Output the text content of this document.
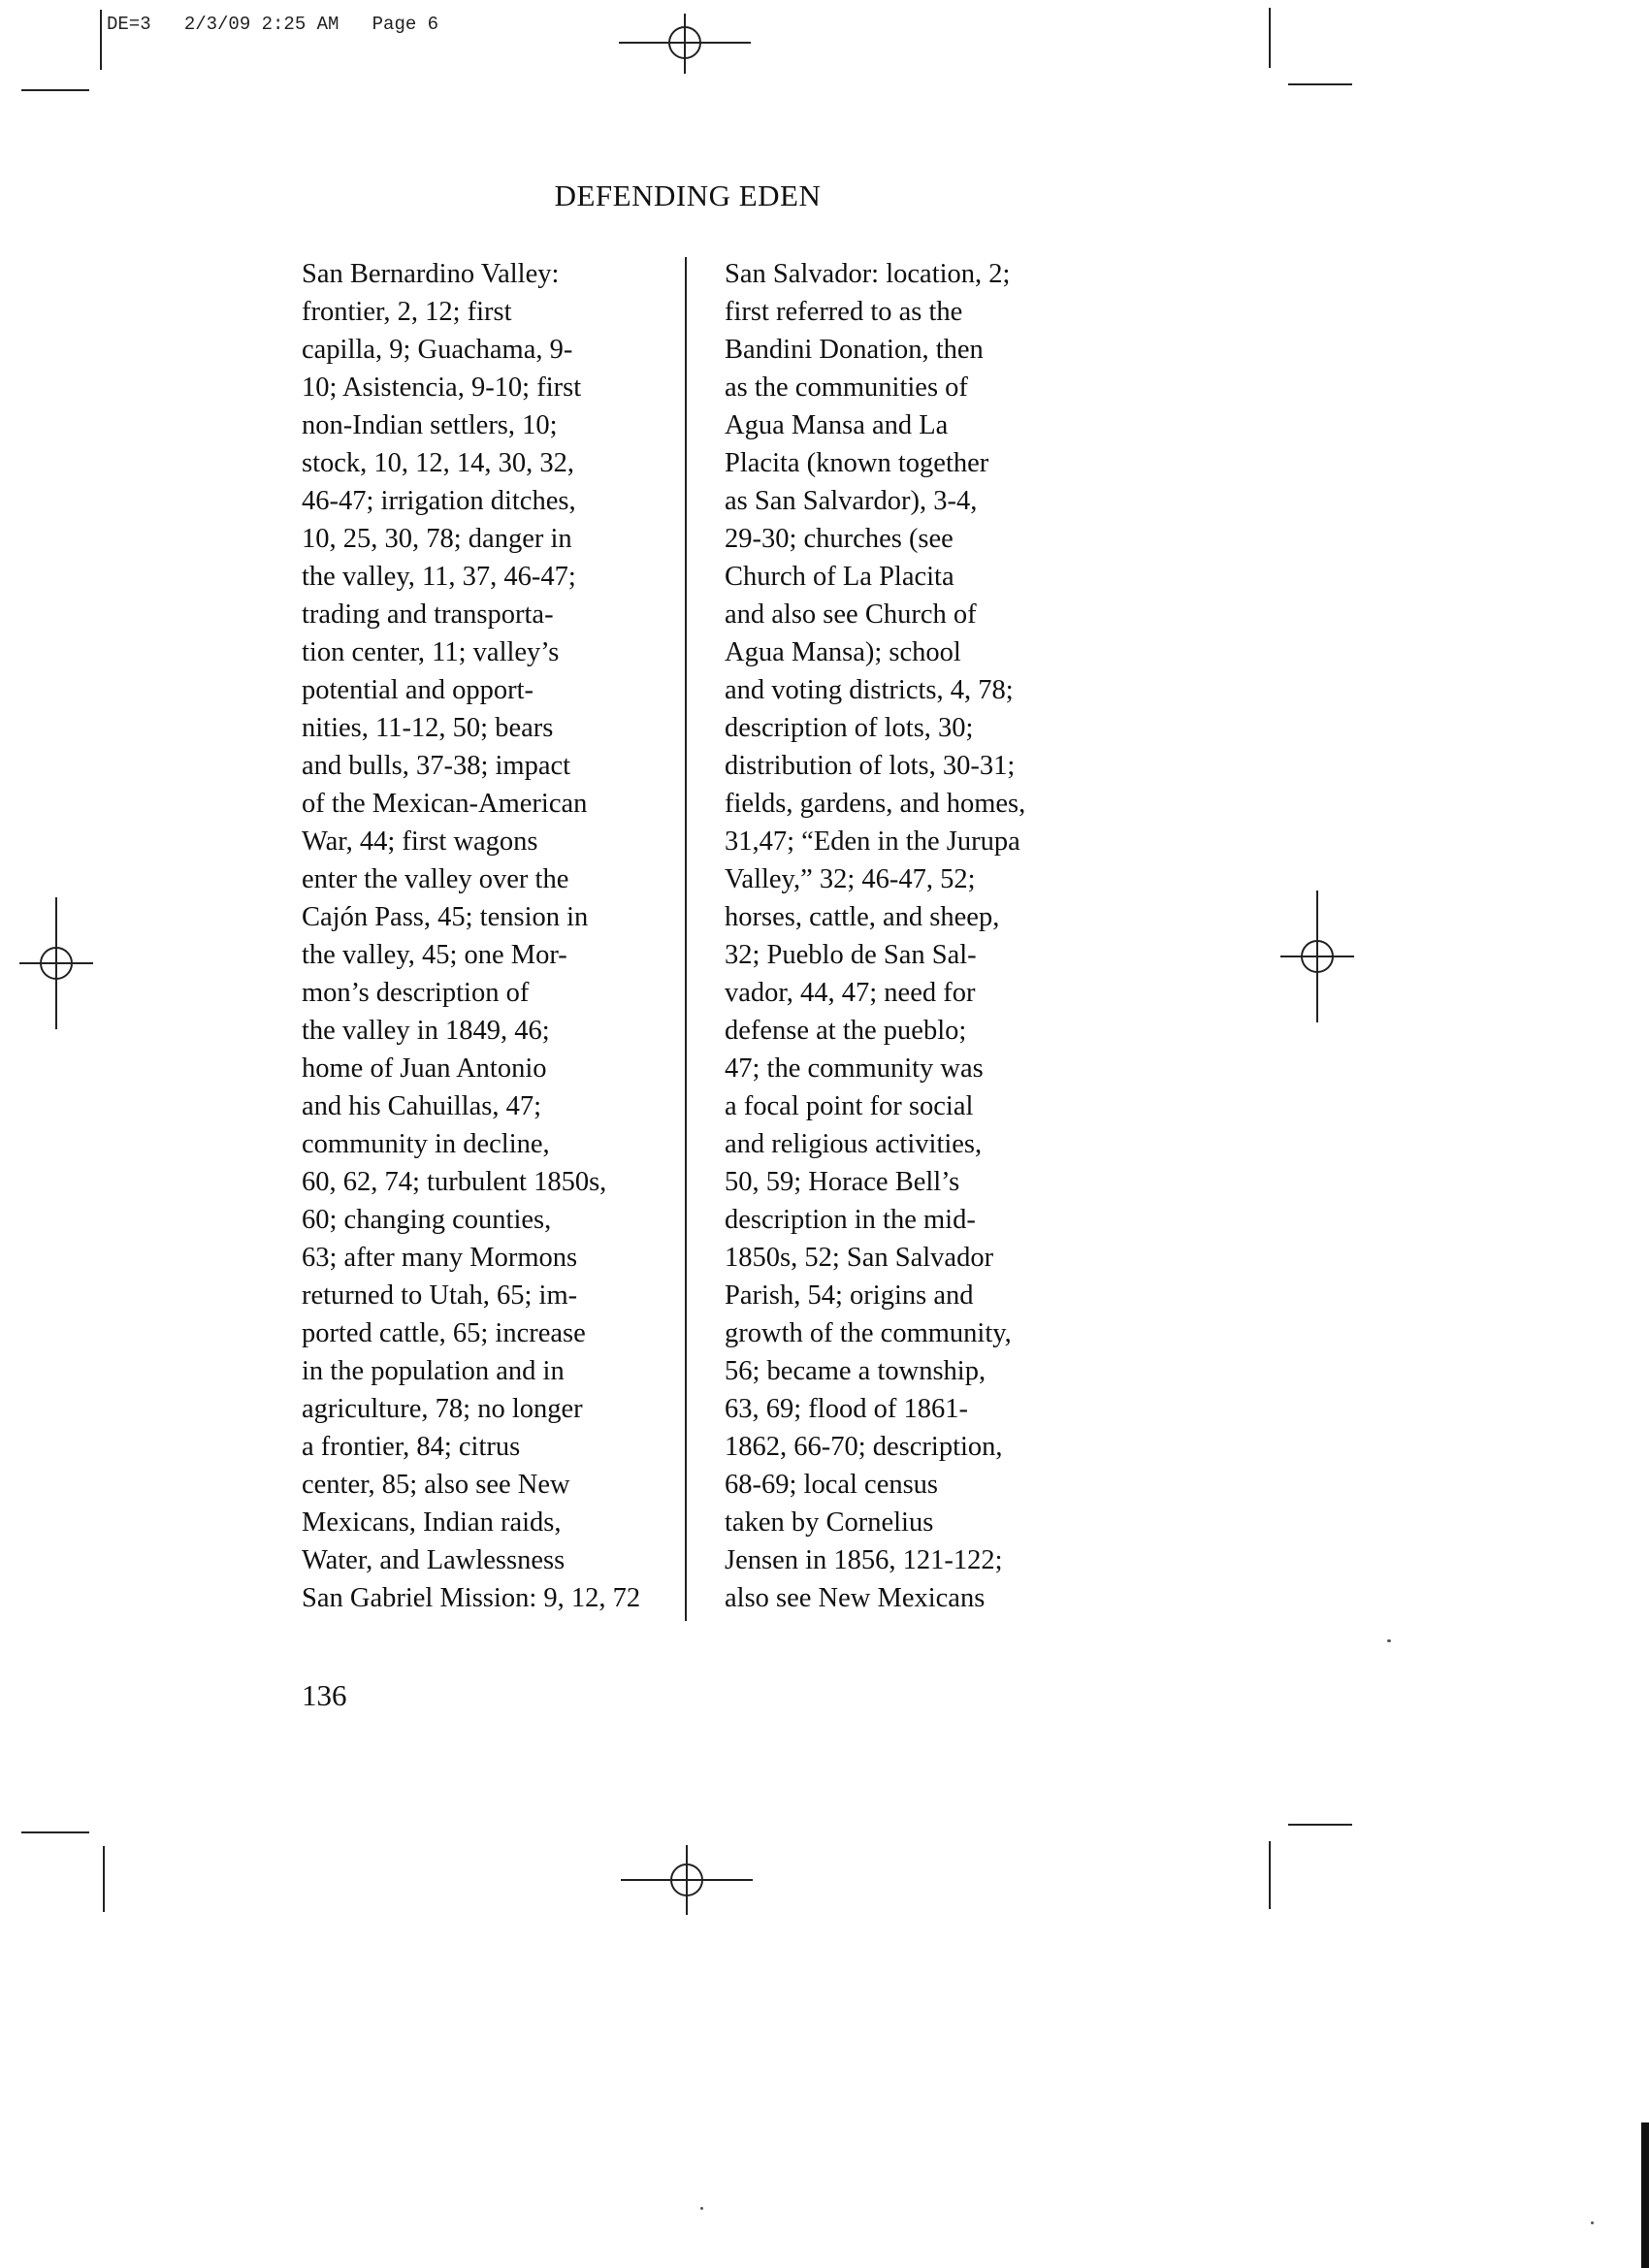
DE=3   2/3/09 2:25 AM   Page 6
DEFENDING EDEN
San Bernardino Valley:
frontier, 2, 12; first
capilla, 9; Guachama, 9-
10; Asistencia, 9-10; first
non-Indian settlers, 10;
stock, 10, 12, 14, 30, 32,
46-47; irrigation ditches,
10, 25, 30, 78; danger in
the valley, 11, 37, 46-47;
trading and transporta-
tion center, 11; valley’s
potential and opport-
nities, 11-12, 50; bears
and bulls, 37-38; impact
of the Mexican-American
War, 44; first wagons
enter the valley over the
Cajón Pass, 45; tension in
the valley, 45; one Mor-
mon’s description of
the valley in 1849, 46;
home of Juan Antonio
and his Cahuillas, 47;
community in decline,
60, 62, 74; turbulent 1850s,
60; changing counties,
63; after many Mormons
returned to Utah, 65; im-
ported cattle, 65; increase
in the population and in
agriculture, 78; no longer
a frontier, 84; citrus
center, 85; also see New
Mexicans, Indian raids,
Water, and Lawlessness
San Gabriel Mission: 9, 12, 72
San Salvador: location, 2;
first referred to as the
Bandini Donation, then
as the communities of
Agua Mansa and La
Placita (known together
as San Salvardor), 3-4,
29-30; churches (see
Church of La Placita
and also see Church of
Agua Mansa); school
and voting districts, 4, 78;
description of lots, 30;
distribution of lots, 30-31;
fields, gardens, and homes,
31,47; “Eden in the Jurupa
Valley,” 32; 46-47, 52;
horses, cattle, and sheep,
32; Pueblo de San Sal-
vador, 44, 47; need for
defense at the pueblo;
47; the community was
a focal point for social
and religious activities,
50, 59; Horace Bell’s
description in the mid-
1850s, 52; San Salvador
Parish, 54; origins and
growth of the community,
56; became a township,
63, 69; flood of 1861-
1862, 66-70; description,
68-69; local census
taken by Cornelius
Jensen in 1856, 121-122;
also see New Mexicans
136
